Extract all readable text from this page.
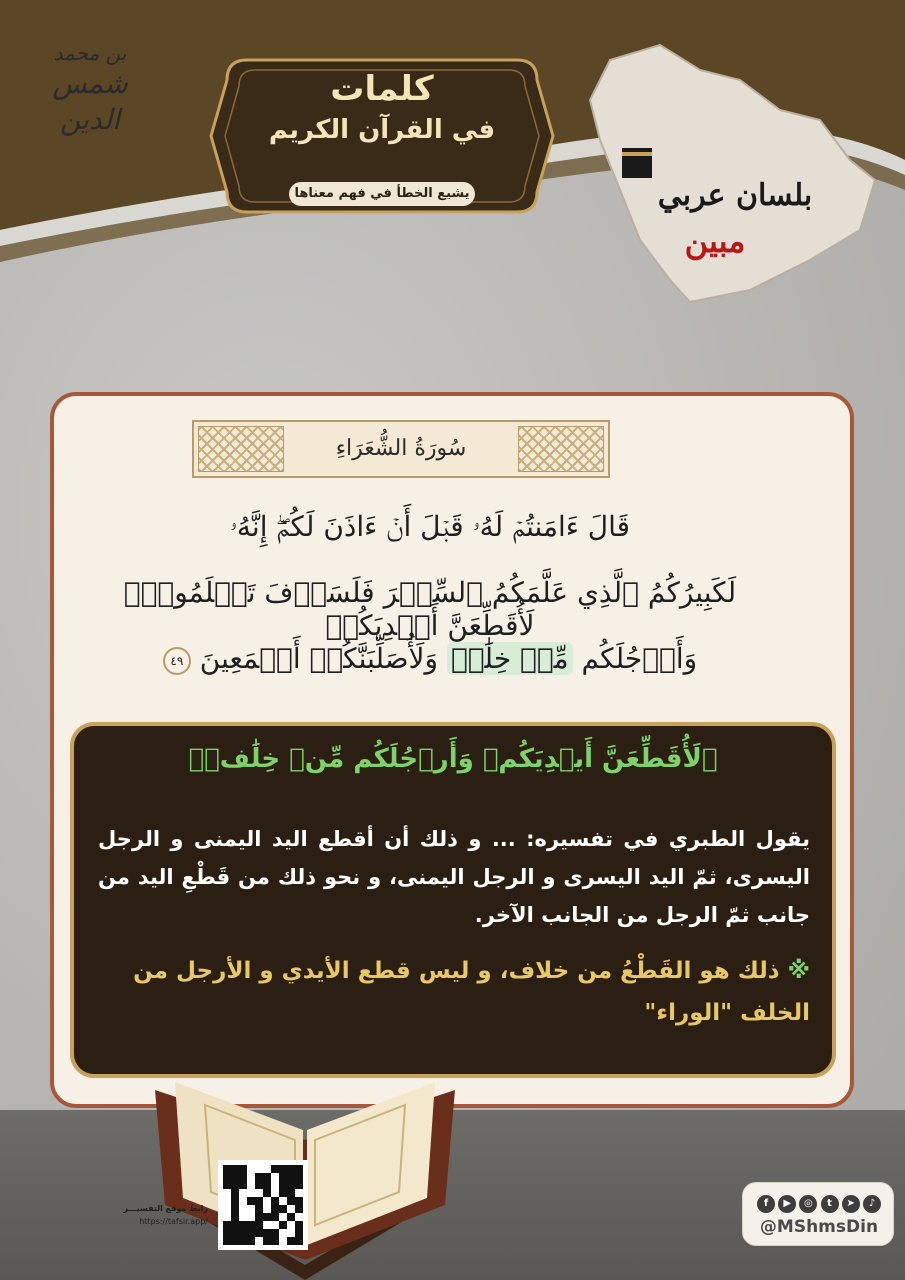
بن محمد
شمس الدين
كلمات
في القرآن الكريم
يشيع الخطأ في فهم معناها	بلسان عربي
مبين
سُورَةُ الشُّعَرَاءِ
قَالَ ءَامَنتُمۡ لَهُۥ قَبۡلَ أَنۡ ءَاذَنَ لَكُمۡۖ إِنَّهُۥ
لَكَبِيرُكُمُ ٱلَّذِي عَلَّمَكُمُ ٱلسِّحۡرَ فَلَسَوۡفَ تَعۡلَمُونَۚ لَأُقَطِّعَنَّ أَيۡدِيَكُمۡ
وَأَرۡجُلَكُم مِّنۡ خِلَٰفٖ وَلَأُصَلِّبَنَّكُمۡ أَجۡمَعِينَ ٤٩
﴿لَأُقَطِّعَنَّ أَيۡدِيَكُمۡ وَأَرۡجُلَكُم مِّنۡ خِلَٰفٖ﴾
يقول الطبري في تفسيره: ... و ذلك أن أقطع اليد اليمنى و الرجل اليسرى، ثمّ اليد اليسرى و الرجل اليمنى، و نحو ذلك من قَطْعِ اليد من جانب ثمّ الرجل من الجانب الآخر.
※ ذلك هو القَطْعُ من خلاف، و ليس قطع الأيدي و الأرجل من الخلف "الوراء"
رابط موقع التفسيـــر
https://tafsir.app/
f	▶	◎	t	➤	♪
@MShmsDin
